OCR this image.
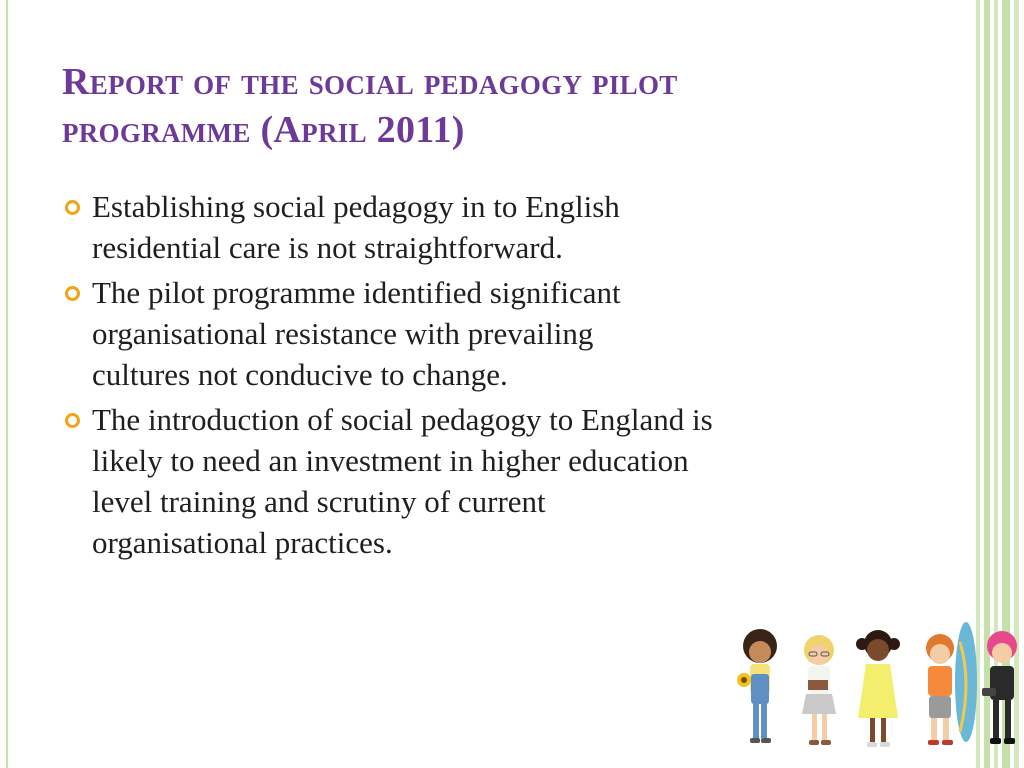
Report of the social pedagogy pilot
programme (April 2011)
Establishing social pedagogy in to English
residential care is not straightforward.
The pilot programme identified significant
organisational resistance with prevailing
cultures not conducive to change.
The introduction of social pedagogy to England is
likely to need an investment in higher education
level training and scrutiny of current
organisational practices.
